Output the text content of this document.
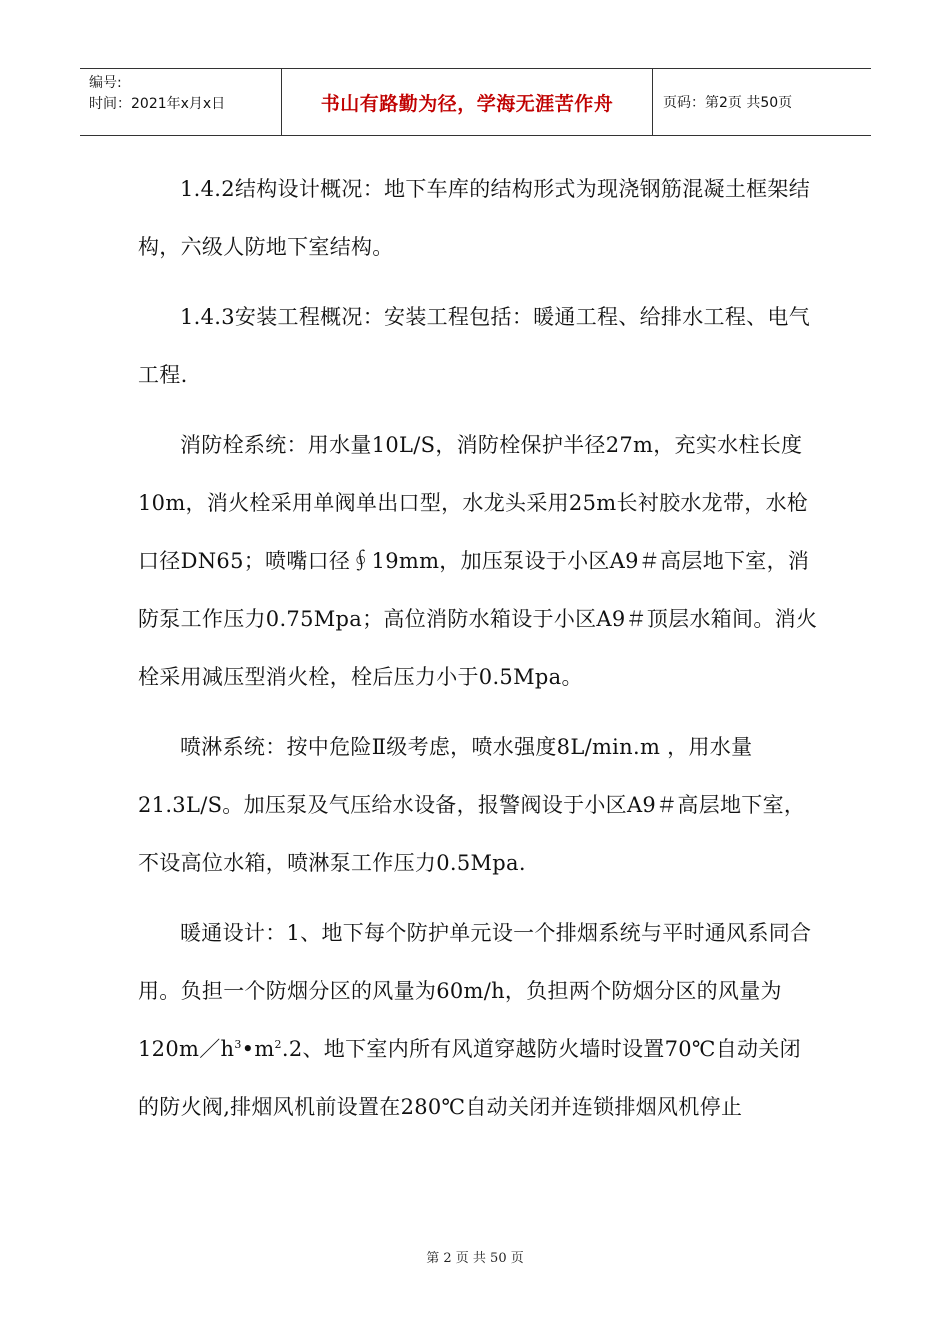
编号:
时间：2021年x月x日	书山有路勤为径，学海无涯苦作舟	页码：第2页 共50页

1.4.2结构设计概况：地下车库的结构形式为现浇钢筋混凝土框架结构，六级人防地下室结构。

1.4.3安装工程概况：安装工程包括：暖通工程、给排水工程、电气工程.

消防栓系统：用水量10L/S，消防栓保护半径27m，充实水柱长度10m，消火栓采用单阀单出口型，水龙头采用25m长衬胶水龙带，水枪口径DN65；喷嘴口径∮19mm，加压泵设于小区A9＃高层地下室，消防泵工作压力0.75Mpa；高位消防水箱设于小区A9＃顶层水箱间。消火栓采用减压型消火栓，栓后压力小于0.5Mpa。

喷淋系统：按中危险Ⅱ级考虑，喷水强度8L/min.m ，用水量21.3L/S。加压泵及气压给水设备，报警阀设于小区A9＃高层地下室，不设高位水箱，喷淋泵工作压力0.5Mpa.

暖通设计：1、地下每个防护单元设一个排烟系统与平时通风系同合用。负担一个防烟分区的风量为60m/h，负担两个防烟分区的风量为$120m/h^3•m^2.2$、地下室内所有风道穿越防火墙时设置70℃自动关闭的防火阀,排烟风机前设置在280℃自动关闭并连锁排烟风机停止

第 2 页 共 50 页
